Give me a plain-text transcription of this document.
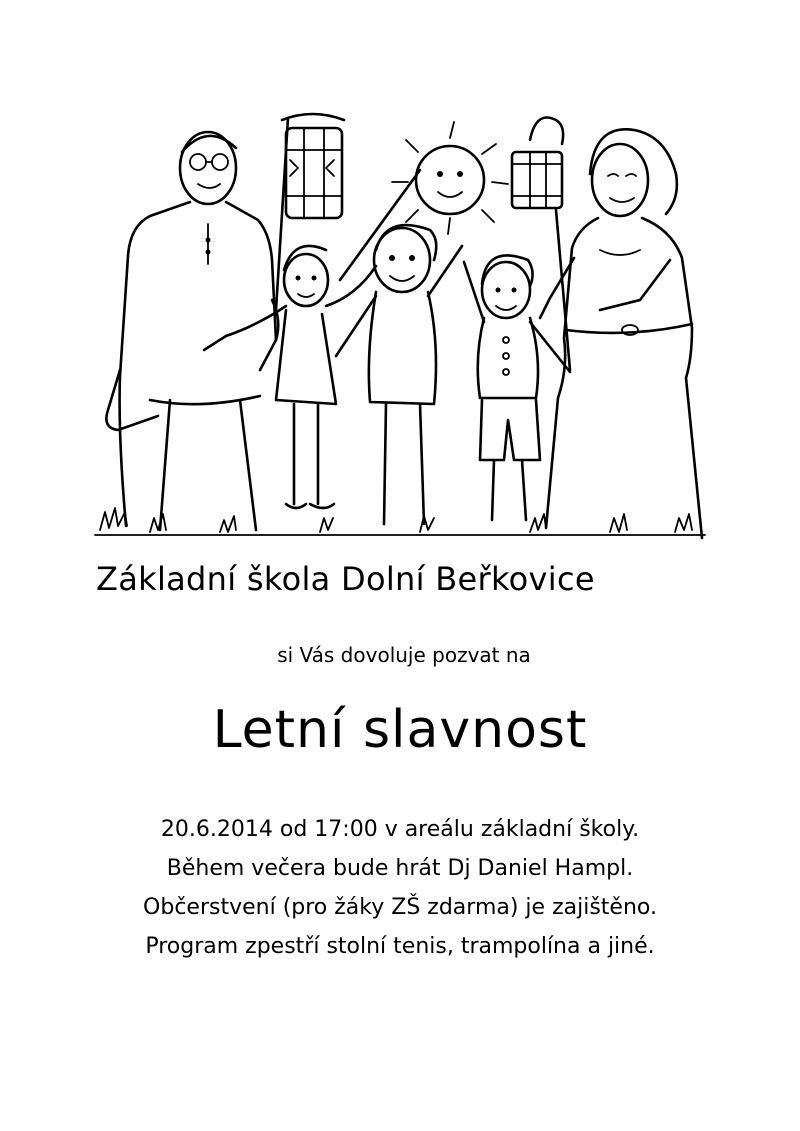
Základní škola Dolní Beřkovice
si Vás dovoluje pozvat na
Letní slavnost
20.6.2014 od 17:00 v areálu základní školy.
Během večera bude hrát Dj Daniel Hampl.
Občerstvení (pro žáky ZŠ zdarma) je zajištěno.
Program zpestří stolní tenis, trampolína a jiné.
